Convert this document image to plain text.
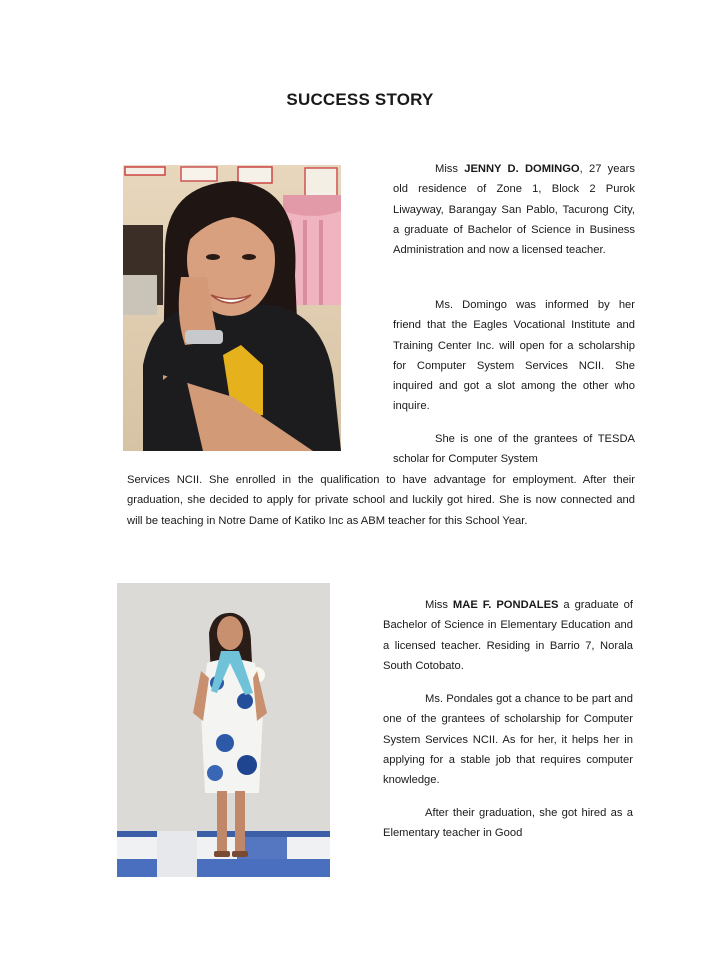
SUCCESS STORY

Miss JENNY D. DOMINGO, 27 years old residence of Zone 1, Block 2 Purok Liwayway, Barangay San Pablo, Tacurong City, a graduate of Bachelor of Science in Business Administration and now a licensed teacher.

Ms. Domingo was informed by her friend that the Eagles Vocational Institute and Training Center Inc. will open for a scholarship for Computer System Services NCII. She inquired and got a slot among the other who inquire.

She is one of the grantees of TESDA scholar for Computer System

Services NCII. She enrolled in the qualification to have advantage for employment. After their graduation, she decided to apply for private school and luckily got hired. She is now connected and will be teaching in Notre Dame of Katiko Inc as ABM teacher for this School Year.

Miss MAE F. PONDALES a graduate of Bachelor of Science in Elementary Education and a licensed teacher. Residing in Barrio 7, Norala South Cotobato.

Ms. Pondales got a chance to be part and one of the grantees of scholarship for Computer System Services NCII. As for her, it helps her in applying for a stable job that requires computer knowledge.

After their graduation, she got hired as a Elementary teacher in Good
